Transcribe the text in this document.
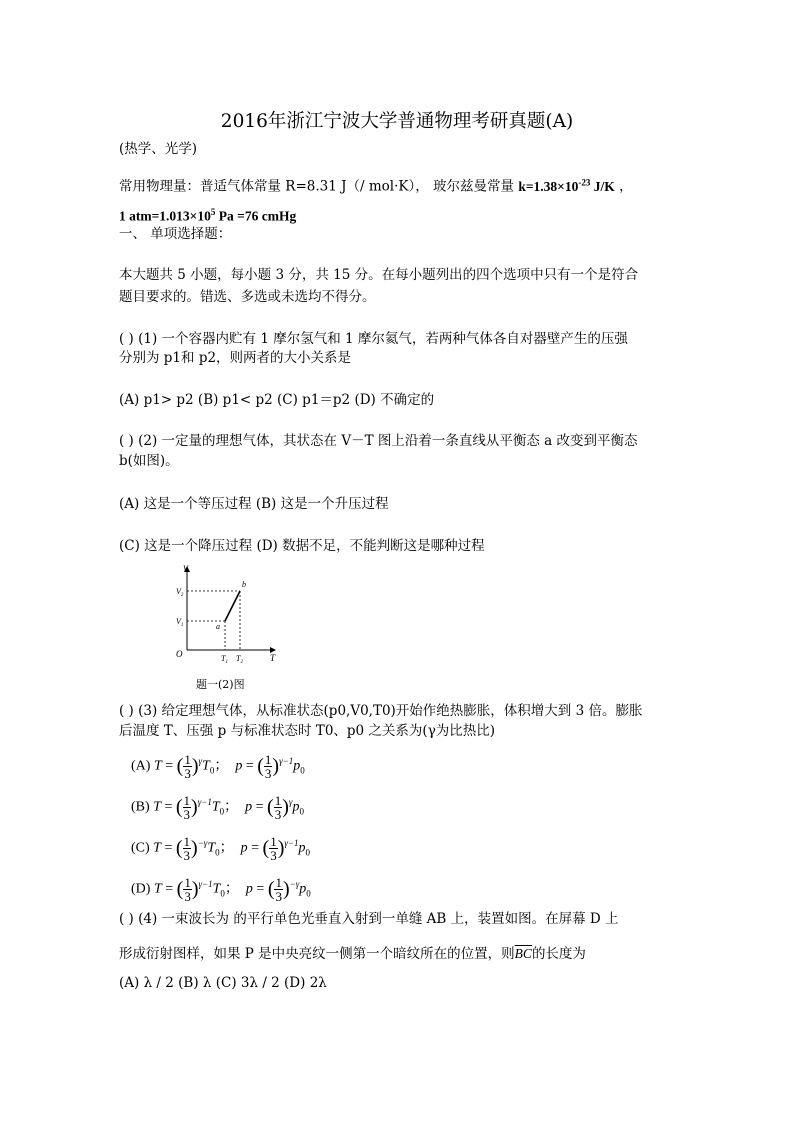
2016年浙江宁波大学普通物理考研真题(A)
(热学、光学)
常用物理量：普适气体常量 R=8.31 J（/ mol·K）， 玻尔兹曼常量 $k=1.38\times 10^{-23}$ J/K ，
1 $atm=1.013\times 10^5$ Pa =76 cmHg
一、 单项选择题：
本大题共 5 小题，每小题 3 分，共 15 分。在每小题列出的四个选项中只有一个是符合
题目要求的。错选、多选或未选均不得分。
( ) (1) 一个容器内贮有 1 摩尔氢气和 1 摩尔氦气，若两种气体各自对器壁产生的压强
分别为 p1和 p2，则两者的大小关系是
(A) p1> p2 (B) p1< p2 (C) p1＝p2 (D) 不确定的
( ) (2) 一定量的理想气体，其状态在 V－T 图上沿着一条直线从平衡态 a 改变到平衡态
b(如图)。
(A) 这是一个等压过程 (B) 这是一个升压过程
(C) 这是一个降压过程 (D) 数据不足，不能判断这是哪种过程
V
T
O
$V_2$
$V_1$
$T_1$ $T_2$
a
b
题一(2)图
( ) (3) 给定理想气体，从标准状态(p0,V0,T0)开始作绝热膨胀，体积增大到 3 倍。膨胀
后温度 T、压强 p 与标准状态时 T0、p0 之关系为(γ为比热比)
(A) T = ( $\frac{1}{3} )^\gamma T_0$； p = ( $\frac{1}{3} )^{\gamma-1}p_0$
(B) T = ( $\frac{1}{3} )^{\gamma-1}T_0$； p = ( $\frac{1}{3} )^\gamma p_0$
(C) T = ( $\frac{1}{3} )^{-\gamma}T_0$； p = ( $\frac{1}{3} )^{\gamma-1}p_0$
(D) T = ( $\frac{1}{3} )^{\gamma-1}T_0$； p = ( $\frac{1}{3} )^{-\gamma}p_0$
( ) (4) 一束波长为 的平行单色光垂直入射到一单缝 AB 上，装置如图。在屏幕 D 上
形成衍射图样，如果 P 是中央亮纹一侧第一个暗纹所在的位置，则$\overline{BC}$的长度为
(A) λ / 2 (B) λ (C) 3λ / 2 (D) 2λ
